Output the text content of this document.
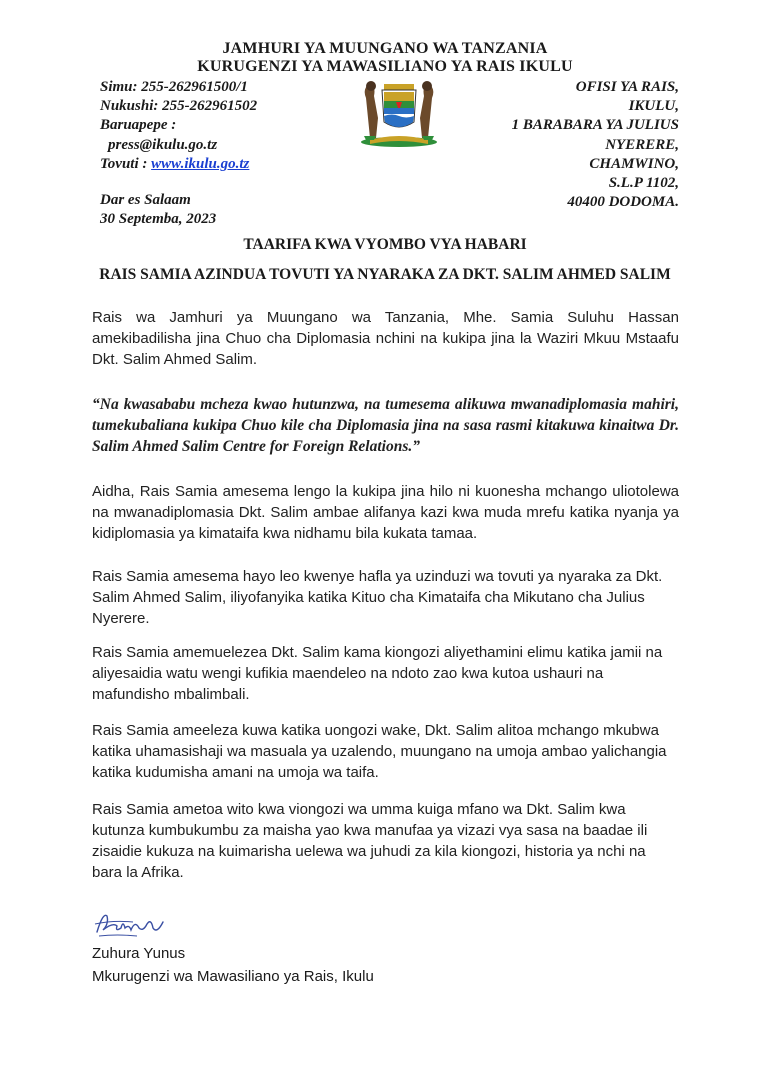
JAMHURI YA MUUNGANO WA TANZANIA
KURUGENZI YA MAWASILIANO YA RAIS IKULU
Simu: 255-262961500/1
Nukushi: 255-262961502
Baruapepe :
press@ikulu.go.tz
Tovuti : www.ikulu.go.tz
OFISI YA RAIS,
IKULU,
1 BARABARA YA JULIUS
NYERERE,
CHAMWINO,
S.L.P 1102,
40400 DODOMA.
Dar es Salaam
30 Septemba, 2023
TAARIFA KWA VYOMBO VYA HABARI
RAIS SAMIA AZINDUA TOVUTI YA NYARAKA ZA DKT. SALIM AHMED SALIM
Rais wa Jamhuri ya Muungano wa Tanzania, Mhe. Samia Suluhu Hassan amekibadilisha jina Chuo cha Diplomasia nchini na kukipa jina la Waziri Mkuu Mstaafu Dkt. Salim Ahmed Salim.
“Na kwasababu mcheza kwao hutunzwa, na tumesema alikuwa mwanadiplomasia mahiri, tumekubaliana kukipa Chuo kile cha Diplomasia jina na sasa rasmi kitakuwa kinaitwa Dr. Salim Ahmed Salim Centre for Foreign Relations.”
Aidha, Rais Samia amesema lengo la kukipa jina hilo ni kuonesha mchango uliotolewa na mwanadiplomasia Dkt. Salim ambae alifanya kazi kwa muda mrefu katika nyanja ya kidiplomasia ya kimataifa kwa nidhamu bila kukata tamaa.
Rais Samia amesema hayo leo kwenye hafla ya uzinduzi wa tovuti ya nyaraka za Dkt. Salim Ahmed Salim, iliyofanyika katika Kituo cha Kimataifa cha Mikutano cha Julius Nyerere.
Rais Samia amemuelezea Dkt. Salim kama kiongozi aliyethamini elimu katika jamii na aliyesaidia watu wengi kufikia maendeleo na ndoto zao kwa kutoa ushauri na mafundisho mbalimbali.
Rais Samia ameeleza kuwa katika uongozi wake, Dkt. Salim alitoa mchango mkubwa katika uhamasishaji wa masuala ya uzalendo, muungano na umoja ambao yalichangia katika kudumisha amani na umoja wa taifa.
Rais Samia ametoa wito kwa viongozi wa umma kuiga mfano wa Dkt. Salim kwa kutunza kumbukumbu za maisha yao kwa manufaa ya vizazi vya sasa na baadae ili zisaidie kukuza na kuimarisha uelewa wa juhudi za kila kiongozi, historia ya nchi na bara la Afrika.
Zuhura Yunus
Mkurugenzi wa Mawasiliano ya Rais, Ikulu
